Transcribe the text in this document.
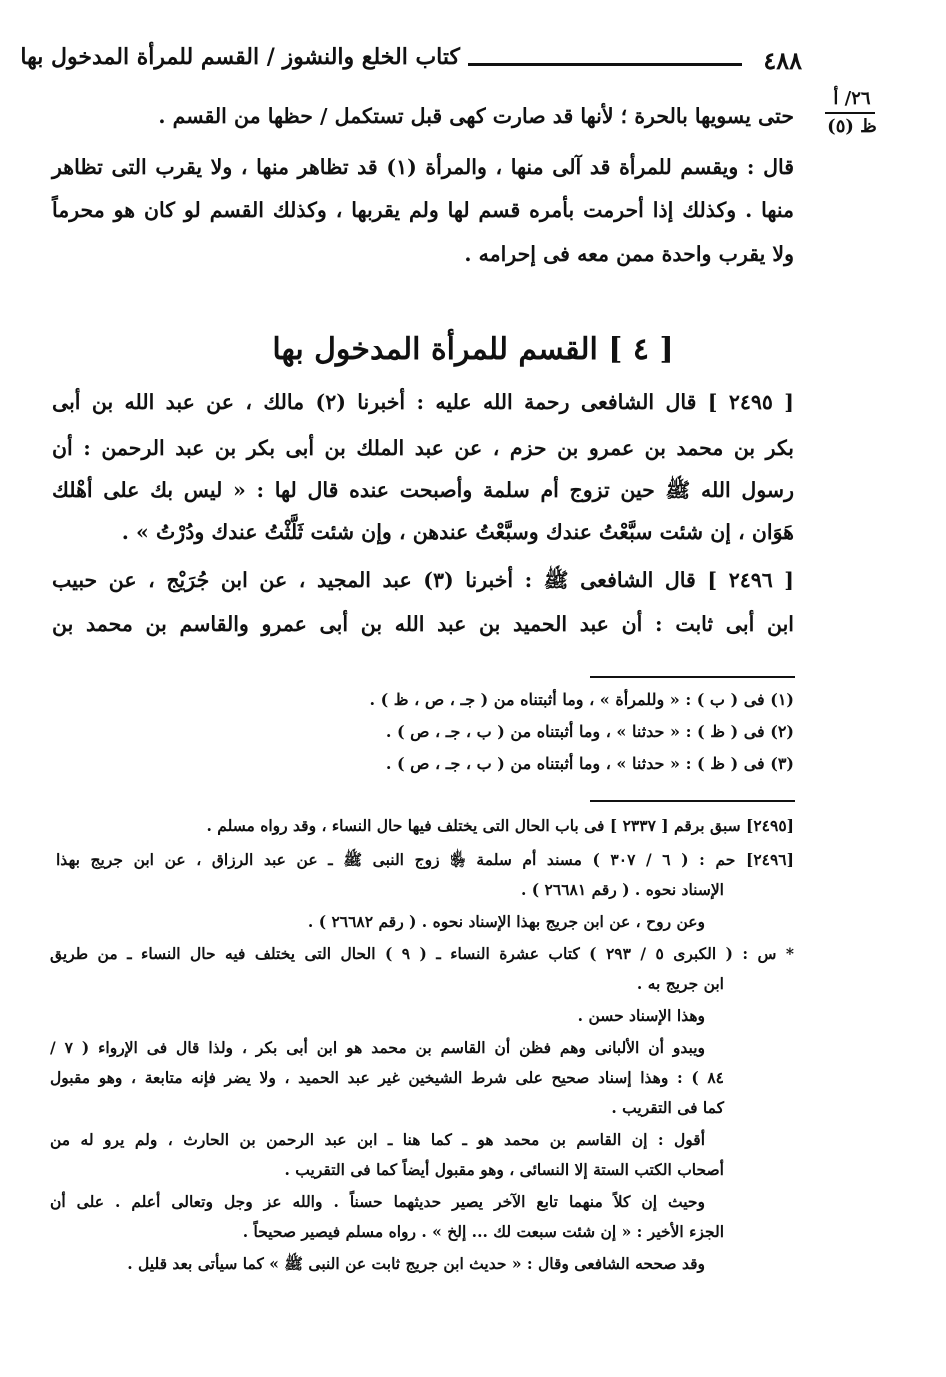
٤٨٨
كتاب الخلع والنشوز / القسم للمرأة المدخول بها
٢٦/ أ
ظ (٥)
حتى يسويها بالحرة ؛ لأنها قد صارت كهى قبل تستكمل / حظها من القسم .
قال : ويقسم للمرأة قد آلى منها ، والمرأة (١) قد تظاهر منها ، ولا يقرب التى تظاهر
منها . وكذلك إذا أحرمت بأمره قسم لها ولم يقربها ، وكذلك القسم لو كان هو محرماً
ولا يقرب واحدة ممن معه فى إحرامه .
[ ٤ ] القسم للمرأة المدخول بها
[ ٢٤٩٥ ] قال الشافعى رحمة الله عليه : أخبرنا (٢) مالك ، عن عبد الله بن أبى
بكر بن محمد بن عمرو بن حزم ، عن عبد الملك بن أبى بكر بن عبد الرحمن : أن
رسول الله ﷺ حين تزوج أم سلمة وأصبحت عنده قال لها : « ليس بك على أهْلك
هَوَان ، إن شئت سبَّعْتُ عندك وسبَّعْتُ عندهن ، وإن شئت ثَلَّثْتُ عندك ودُرْتُ » .
[ ٢٤٩٦ ] قال الشافعى ﷺ : أخبرنا (٣) عبد المجيد ، عن ابن جُرَيْج ، عن حبيب
ابن أبى ثابت : أن عبد الحميد بن عبد الله بن أبى عمرو والقاسم بن محمد بن
(١) فى ( ب ) : « وللمرأة » ، وما أثبتناه من ( جـ ، ص ، ظ ) .
(٢) فى ( ظ ) : « حدثنا » ، وما أثبتناه من ( ب ، جـ ، ص ) .
(٣) فى ( ظ ) : « حدثنا » ، وما أثبتناه من ( ب ، جـ ، ص ) .
[٢٤٩٥] سبق برقم [ ٢٣٣٧ ] فى باب الحال التى يختلف فيها حال النساء ، وقد رواه مسلم .
[٢٤٩٦] حم : ( ٦ / ٣٠٧ ) مسند أم سلمة ﵂ زوج النبى ﷺ ـ عن عبد الرزاق ، عن ابن جريج بهذا
الإسناد نحوه . ( رقم ٢٦٦٨١ ) .
وعن روح ، عن ابن جريج بهذا الإسناد نحوه . ( رقم ٢٦٦٨٢ ) .
* س : ( الكبرى ٥ / ٢٩٣ ) كتاب عشرة النساء ـ ( ٩ ) الحال التى يختلف فيه حال النساء ـ من طريق
ابن جريج به .
وهذا الإسناد حسن .
ويبدو أن الألبانى وهم فظن أن القاسم بن محمد هو ابن أبى بكر ، ولذا قال فى الإرواء ( ٧ /
٨٤ ) : وهذا إسناد صحيح على شرط الشيخين غير عبد الحميد ، ولا يضر فإنه متابعة ، وهو مقبول
كما فى التقريب .
أقول : إن القاسم بن محمد هو ـ كما هنا ـ ابن عبد الرحمن بن الحارث ، ولم يرو له من
أصحاب الكتب الستة إلا النسائى ، وهو مقبول أيضاً كما فى التقريب .
وحيث إن كلاً منهما تابع الآخر يصير حديثهما حسناً . والله عز وجل وتعالى أعلم . على أن
الجزء الأخير : « إن شئت سبعت لك ... إلخ » . رواه مسلم فيصير صحيحاً .
وقد صححه الشافعى وقال : « حديث ابن جريج ثابت عن النبى ﷺ » كما سيأتى بعد قليل .
